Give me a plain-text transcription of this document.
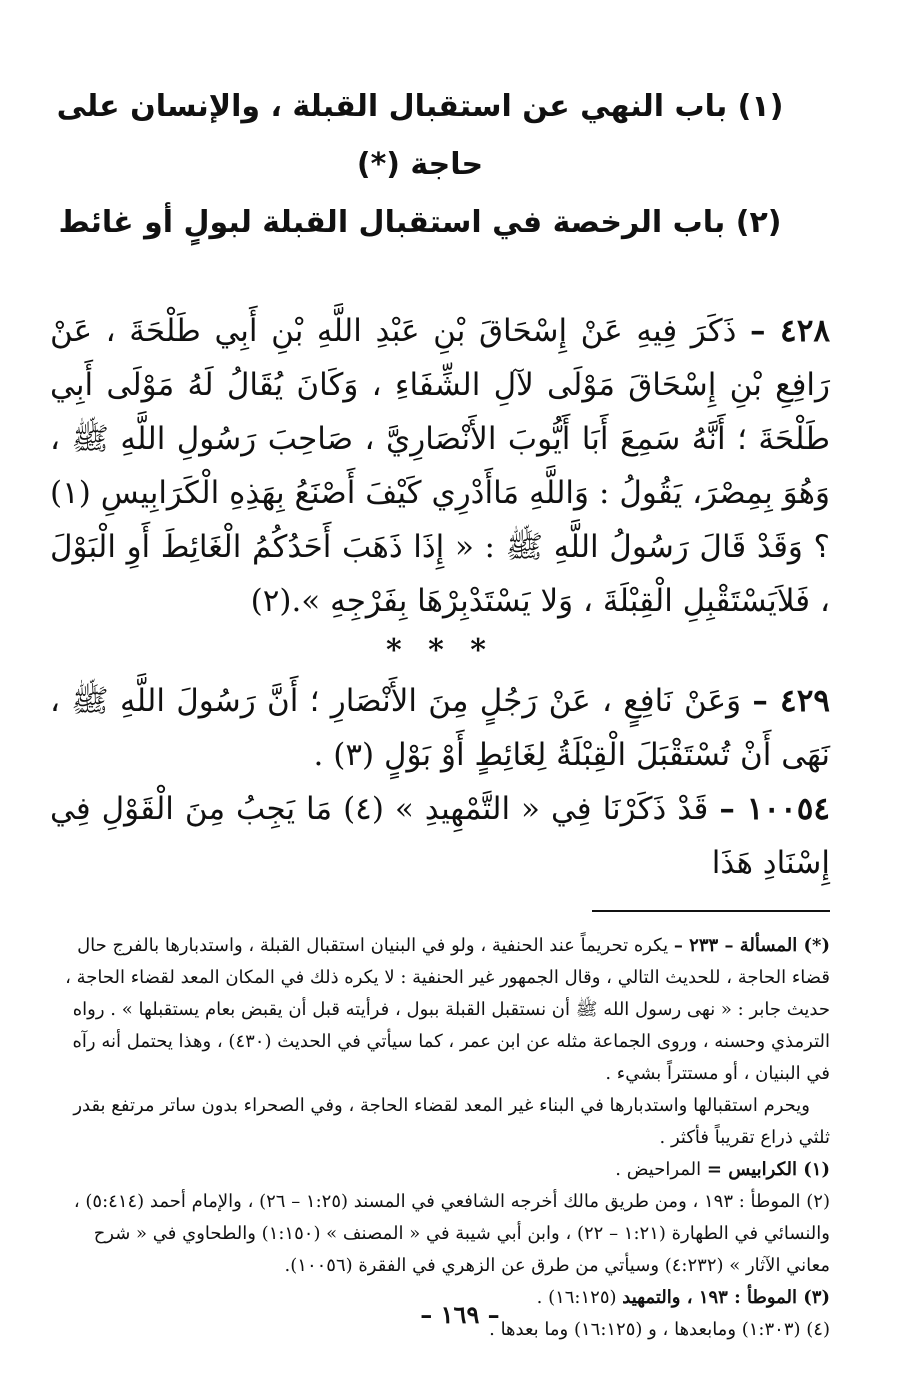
(١) باب النهي عن استقبال القبلة ، والإنسان على حاجة (*)

(٢) باب الرخصة في استقبال القبلة لبولٍ أو غائط

٤٢٨ – ذَكَرَ فِيهِ عَنْ إِسْحَاقَ بْنِ عَبْدِ اللَّهِ بْنِ أَبِي طَلْحَةَ ، عَنْ رَافِعِ بْنِ إِسْحَاقَ مَوْلَى لآلِ الشِّفَاءِ ، وَكَانَ يُقَالُ لَهُ مَوْلَى أَبِي طَلْحَةَ ؛ أَنَّهُ سَمِعَ أَبَا أَيُّوبَ الأَنْصَارِيَّ ، صَاحِبَ رَسُولِ اللَّهِ ﷺ ، وَهُوَ بِمِصْرَ، يَقُولُ : وَاللَّهِ مَاأَدْرِي كَيْفَ أَصْنَعُ بِهَذِهِ الْكَرَابِيسِ (١) ؟ وَقَدْ قَالَ رَسُولُ اللَّهِ ﷺ : « إِذَا ذَهَبَ أَحَدُكُمُ الْغَائِطَ أَوِ الْبَوْلَ ، فَلاَيَسْتَقْبِلِ الْقِبْلَةَ ، وَلا يَسْتَدْبِرْهَا بِفَرْجِهِ ».(٢)

* * *

٤٢٩ – وَعَنْ نَافِعٍ ، عَنْ رَجُلٍ مِنَ الأَنْصَارِ ؛ أَنَّ رَسُولَ اللَّهِ ﷺ ، نَهَى أَنْ تُسْتَقْبَلَ الْقِبْلَةُ لِغَائِطٍ أَوْ بَوْلٍ (٣) .

١٠٠٥٤ – قَدْ ذَكَرْنَا فِي « التَّمْهِيدِ » (٤) مَا يَجِبُ مِنَ الْقَوْلِ فِي إِسْنَادِ هَذَا

(*) المسألة – ٢٣٣ – يكره تحريماً عند الحنفية ، ولو في البنيان استقبال القبلة ، واستدبارها بالفرج حال قضاء الحاجة ، للحديث التالي ، وقال الجمهور غير الحنفية : لا يكره ذلك في المكان المعد لقضاء الحاجة ، حديث جابر : « نهى رسول الله ﷺ أن نستقبل القبلة ببول ، فرأيته قبل أن يقبض بعام يستقبلها » . رواه الترمذي وحسنه ، وروى الجماعة مثله عن ابن عمر ، كما سيأتي في الحديث (٤٣٠) ، وهذا يحتمل أنه رآه في البنيان ، أو مستتراً بشيء .

ويحرم استقبالها واستدبارها في البناء غير المعد لقضاء الحاجة ، وفي الصحراء بدون ساتر مرتفع بقدر ثلثي ذراع تقريباً فأكثر .

(١) الكرابيس = المراحيض .

(٢) الموطأ : ١٩٣ ، ومن طريق مالك أخرجه الشافعي في المسند (١:٢٥ – ٢٦) ، والإمام أحمد (٥:٤١٤) ، والنسائي في الطهارة (١:٢١ – ٢٢) ، وابن أبي شيبة في « المصنف » (١:١٥٠) والطحاوي في « شرح معاني الآثار » (٤:٢٣٢) وسيأتي من طرق عن الزهري في الفقرة (١٠٠٥٦).

(٣) الموطأ : ١٩٣ ، والتمهيد (١٦:١٢٥) .

(٤) (١:٣٠٣) ومابعدها ، و (١٦:١٢٥) وما بعدها .

– ١٦٩ –
